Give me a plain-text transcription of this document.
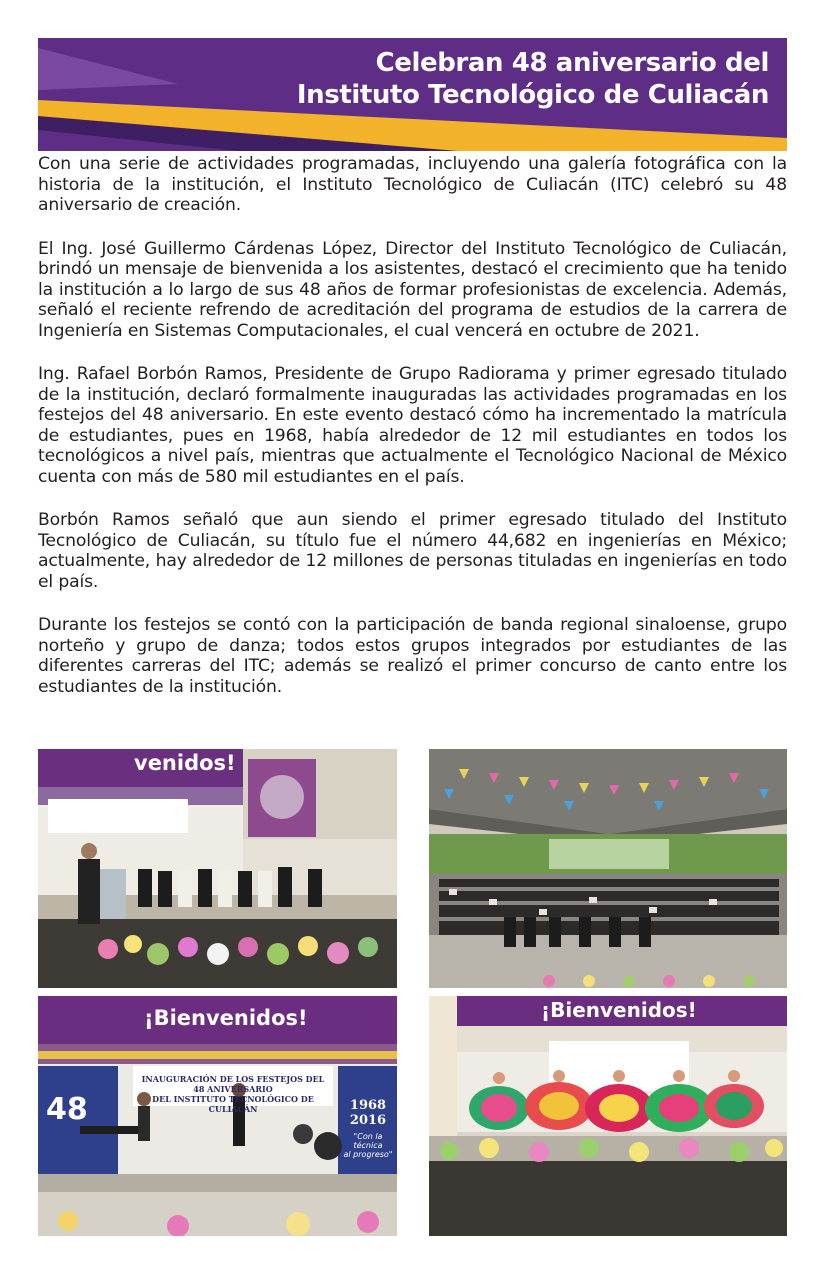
Celebran 48 aniversario del
Instituto Tecnológico de Culiacán

Con una serie de actividades programadas, incluyendo una galería fotográfica con la historia de la institución, el Instituto Tecnológico de Culiacán (ITC) celebró su 48 aniversario de creación.

El Ing. José Guillermo Cárdenas López, Director del Instituto Tecnológico de Culiacán, brindó un mensaje de bienvenida a los asistentes, destacó el crecimiento que ha tenido la institución a lo largo de sus 48 años de formar profesionistas de excelencia. Además, señaló el reciente refrendo de acreditación del programa de estudios de la carrera de Ingeniería en Sistemas Computacionales, el cual vencerá en octubre de 2021.

Ing. Rafael Borbón Ramos, Presidente de Grupo Radiorama y primer egresado titulado de la institución, declaró formalmente inauguradas las actividades programadas en los festejos del 48 aniversario. En este evento destacó cómo ha incrementado la matrícula de estudiantes, pues en 1968, había alrededor de 12 mil estudiantes en todos los tecnológicos a nivel país, mientras que actualmente el Tecnológico Nacional de México cuenta con más de 580 mil estudiantes en el país.

Borbón Ramos señaló que aun siendo el primer egresado titulado del Instituto Tecnológico de Culiacán, su título fue el número 44,682 en ingenierías en México; actualmente, hay alrededor de 12 millones de personas tituladas en ingenierías en todo el país.

Durante los festejos se contó con la participación de banda regional sinaloense, grupo norteño y grupo de danza; todos estos grupos integrados por estudiantes de las diferentes carreras del ITC; además se realizó el primer concurso de canto entre los estudiantes de la institución.

venidos!
¡Bienvenidos!
INAUGURACIÓN DE LOS FESTEJOS DEL 48 ANIVERSARIO
DEL INSTITUTO TECNOLÓGICO DE CULIACÁN
48	1968
2016
"Con la técnica
al progreso"
¡Bienvenidos!
